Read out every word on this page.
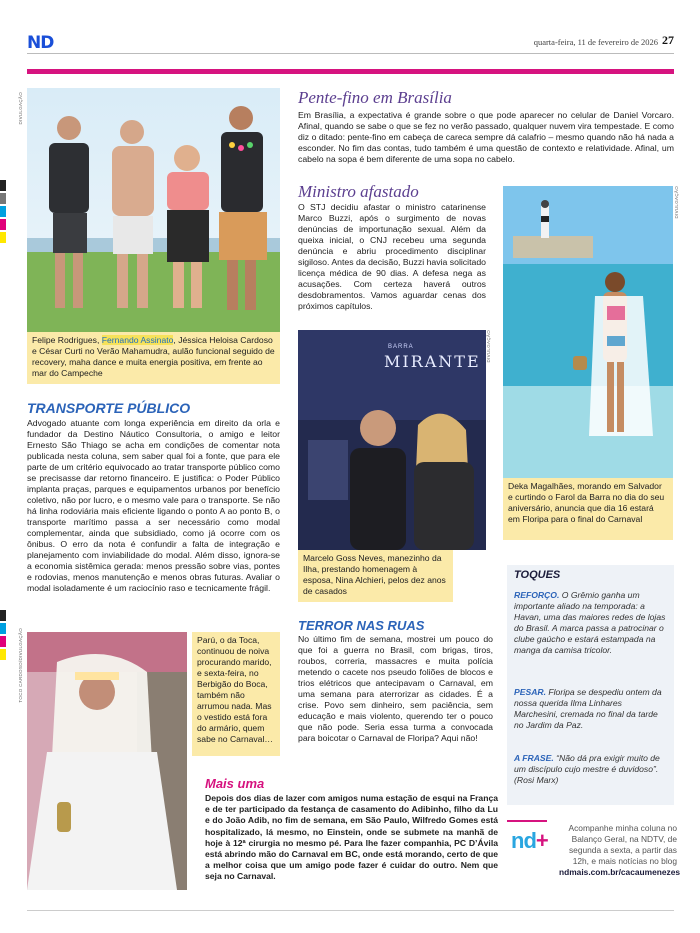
ND	quarta-feira, 11 de fevereiro de 2026 27
DIVULGAÇÃO
Felipe Rodrigues, Fernando Assinato, Jéssica Heloisa Cardoso e César Curti no Verão Mahamudra, aulão funcional seguido de recovery, maha dance e muita energia positiva, em frente ao mar do Campeche
Pente-fino em Brasília
Em Brasília, a expectativa é grande sobre o que pode aparecer no celular de Daniel Vorcaro. Afinal, quando se sabe o que se fez no verão passado, qualquer nuvem vira tempestade. E como diz o ditado: pente-fino em cabeça de careca sempre dá calafrio – mesmo quando não há nada a esconder. No fim das contas, tudo também é uma questão de contexto e relatividade. Afinal, um cabelo na sopa é bem diferente de uma sopa no cabelo.
Ministro afastado
O STJ decidiu afastar o ministro catarinense Marco Buzzi, após o surgimento de novas denúncias de importunação sexual. Além da queixa inicial, o CNJ recebeu uma segunda denúncia e abriu procedimento disciplinar sigiloso. Antes da decisão, Buzzi havia solicitado licença médica de 90 dias. A defesa nega as acusações. Com certeza haverá outros desdobramentos. Vamos aguardar cenas dos próximos capítulos.
DIVULGAÇÃO
Deka Magalhães, morando em Salvador e curtindo o Farol da Barra no dia do seu aniversário, anuncia que dia 16 estará em Floripa para o final do Carnaval
DIVULGAÇÃO
BARRA
MIRANTE
Marcelo Goss Neves, manezinho da Ilha, prestando homenagem à esposa, Nina Alchieri, pelos dez anos de casados
TRANSPORTE PÚBLICO
Advogado atuante com longa experiência em direito da orla e fundador da Destino Náutico Consultoria, o amigo e leitor Ernesto São Thiago se acha em condições de comentar nota publicada nesta coluna, sem saber qual foi a fonte, que para ele parte de um critério equivocado ao tratar transporte público como se precisasse dar retorno financeiro. E justifica: o Poder Público implanta praças, parques e equipamentos urbanos por benefício coletivo, não por lucro, e o mesmo vale para o transporte. Se não há linha rodoviária mais eficiente ligando o ponto A ao ponto B, o transporte marítimo passa a ser necessário como modal complementar, ainda que subsidiado, como já ocorre com os ônibus. O erro da nota é confundir a falta de integração e planejamento com inviabilidade do modal. Além disso, ignora-se a economia sistêmica gerada: menos pressão sobre vias, pontes e rodovias, menos manutenção e menos obras futuras. Avaliar o modal isoladamente é um raciocínio raso e tecnicamente frágil.
TOCO CARDOSO/DIVULGAÇÃO	Parú, o da Toca, continuou de noiva procurando marido, e sexta-feira, no Berbigão do Boca, também não arrumou nada. Mas o vestido está fora do armário, quem sabe no Carnaval…
TERROR NAS RUAS
No último fim de semana, mostrei um pouco do que foi a guerra no Brasil, com brigas, tiros, roubos, correria, massacres e muita polícia metendo o cacete nos pseudo foliões de blocos e trios elétricos que antecipavam o Carnaval, em uma semana para aterrorizar as cidades. É a crise. Povo sem dinheiro, sem paciência, sem educação e mais violento, querendo ter o pouco que não pode. Seria essa turma a convocada para boicotar o Carnaval de Floripa? Aqui não!
TOQUES
REFORÇO. O Grêmio ganha um importante aliado na temporada: a Havan, uma das maiores redes de lojas do Brasil. A marca passa a patrocinar o clube gaúcho e estará estampada na manga da camisa tricolor.
PESAR. Floripa se despediu ontem da nossa querida Ilma Linhares Marchesini, cremada no final da tarde no Jardim da Paz.
A FRASE. “Não dá pra exigir muito de um discípulo cujo mestre é duvidoso”. (Rosi Marx)
Mais uma
Depois dos dias de lazer com amigos numa estação de esqui na França e de ter participado da festança de casamento do Adibinho, filho da Lu e do João Adib, no fim de semana, em São Paulo, Wilfredo Gomes está hospitalizado, lá mesmo, no Einstein, onde se submete na manhã de hoje à 12ª cirurgia no mesmo pé. Para lhe fazer companhia, PC D’Ávila está abrindo mão do Carnaval em BC, onde está morando, certo de que a melhor coisa que um amigo pode fazer é cuidar do outro. Nem que seja no Carnaval.
nd+	Acompanhe minha coluna no Balanço Geral, na NDTV, de segunda a sexta, a partir das 12h, e mais notícias no blog ndmais.com.br/cacaumenezes
